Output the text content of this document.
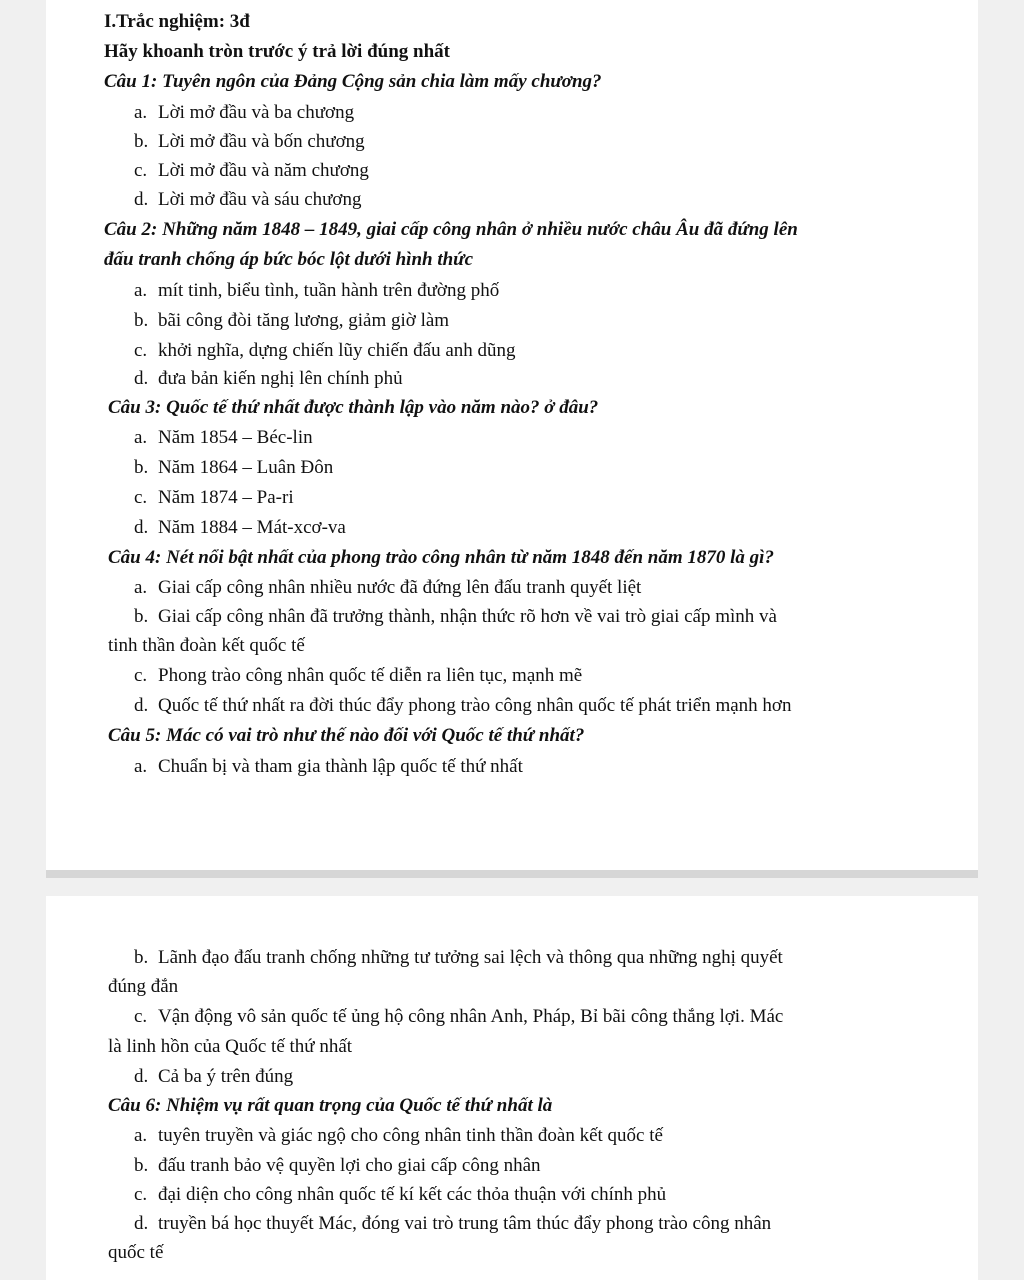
I.Trắc nghiệm: 3đ
Hãy khoanh tròn trước ý trả lời đúng nhất
Câu 1: Tuyên ngôn của Đảng Cộng sản chia làm mấy chương?
a. Lời mở đầu và ba chương
b. Lời mở đầu và bốn chương
c. Lời mở đầu và năm chương
d. Lời mở đầu và sáu chương
Câu 2: Những năm 1848 – 1849, giai cấp công nhân ở nhiều nước châu Âu đã đứng lên
đấu tranh chống áp bức bóc lột dưới hình thức
a. mít tinh, biểu tình, tuần hành trên đường phố
b. bãi công đòi tăng lương, giảm giờ làm
c. khởi nghĩa, dựng chiến lũy chiến đấu anh dũng
d. đưa bản kiến nghị lên chính phủ
Câu 3: Quốc tế thứ nhất được thành lập vào năm nào? ở đâu?
a. Năm 1854 – Béc-lin
b. Năm 1864 – Luân Đôn
c. Năm 1874 – Pa-ri
d. Năm 1884 – Mát-xcơ-va
Câu 4: Nét nổi bật nhất của phong trào công nhân từ năm 1848 đến năm 1870 là gì?
a. Giai cấp công nhân nhiều nước đã đứng lên đấu tranh quyết liệt
b. Giai cấp công nhân đã trưởng thành, nhận thức rõ hơn về vai trò giai cấp mình và
tinh thần đoàn kết quốc tế
c. Phong trào công nhân quốc tế diễn ra liên tục, mạnh mẽ
d. Quốc tế thứ nhất ra đời thúc đẩy phong trào công nhân quốc tế phát triển mạnh hơn
Câu 5: Mác có vai trò như thế nào đối với Quốc tế thứ nhất?
a. Chuẩn bị và tham gia thành lập quốc tế thứ nhất
b. Lãnh đạo đấu tranh chống những tư tưởng sai lệch và thông qua những nghị quyết
đúng đắn
c. Vận động vô sản quốc tế ủng hộ công nhân Anh, Pháp, Bỉ bãi công thắng lợi. Mác
là linh hồn của Quốc tế thứ nhất
d. Cả ba ý trên đúng
Câu 6: Nhiệm vụ rất quan trọng của Quốc tế thứ nhất là
a. tuyên truyền và giác ngộ cho công nhân tinh thần đoàn kết quốc tế
b. đấu tranh bảo vệ quyền lợi cho giai cấp công nhân
c. đại diện cho công nhân quốc tế kí kết các thỏa thuận với chính phủ
d. truyền bá học thuyết Mác, đóng vai trò trung tâm thúc đẩy phong trào công nhân
quốc tế
